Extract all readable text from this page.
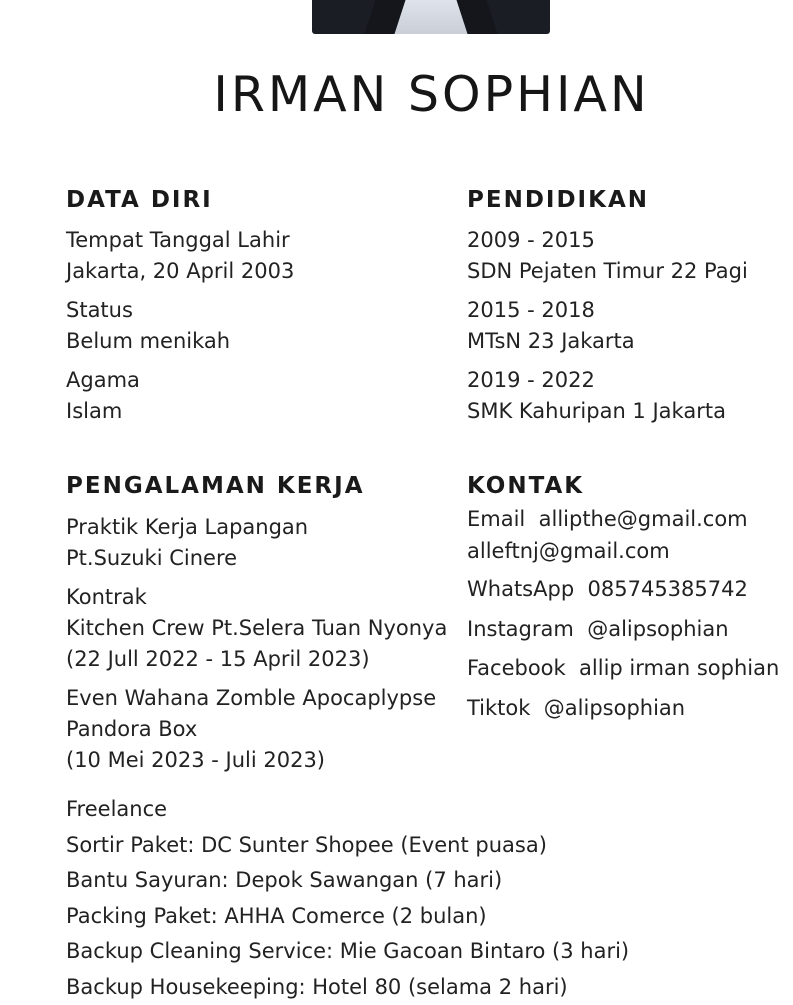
IRMAN SOPHIAN
DATA DIRI
Tempat Tanggal Lahir
Jakarta, 20 April 2003
Status
Belum menikah
Agama
Islam
PENDIDIKAN
2009 - 2015
SDN Pejaten Timur 22 Pagi
2015 - 2018
MTsN 23 Jakarta
2019 - 2022
SMK Kahuripan 1 Jakarta
PENGALAMAN KERJA
Praktik Kerja Lapangan
Pt.Suzuki Cinere
Kontrak
Kitchen Crew Pt.Selera Tuan Nyonya
(22 Jull 2022 - 15 April 2023)
Even Wahana Zomble Apocaplypse
Pandora Box
(10 Mei 2023 - Juli 2023)
Freelance
Sortir Paket: DC Sunter Shopee (Event puasa)
Bantu Sayuran: Depok Sawangan (7 hari)
Packing Paket: AHHA Comerce (2 bulan)
Backup Cleaning Service: Mie Gacoan Bintaro (3 hari)
Backup Housekeeping: Hotel 80 (selama 2 hari)
KONTAK
Email allipthe@gmail.com
alleftnj@gmail.com
WhatsApp 085745385742
Instagram @alipsophian
Facebook allip irman sophian
Tiktok @alipsophian
